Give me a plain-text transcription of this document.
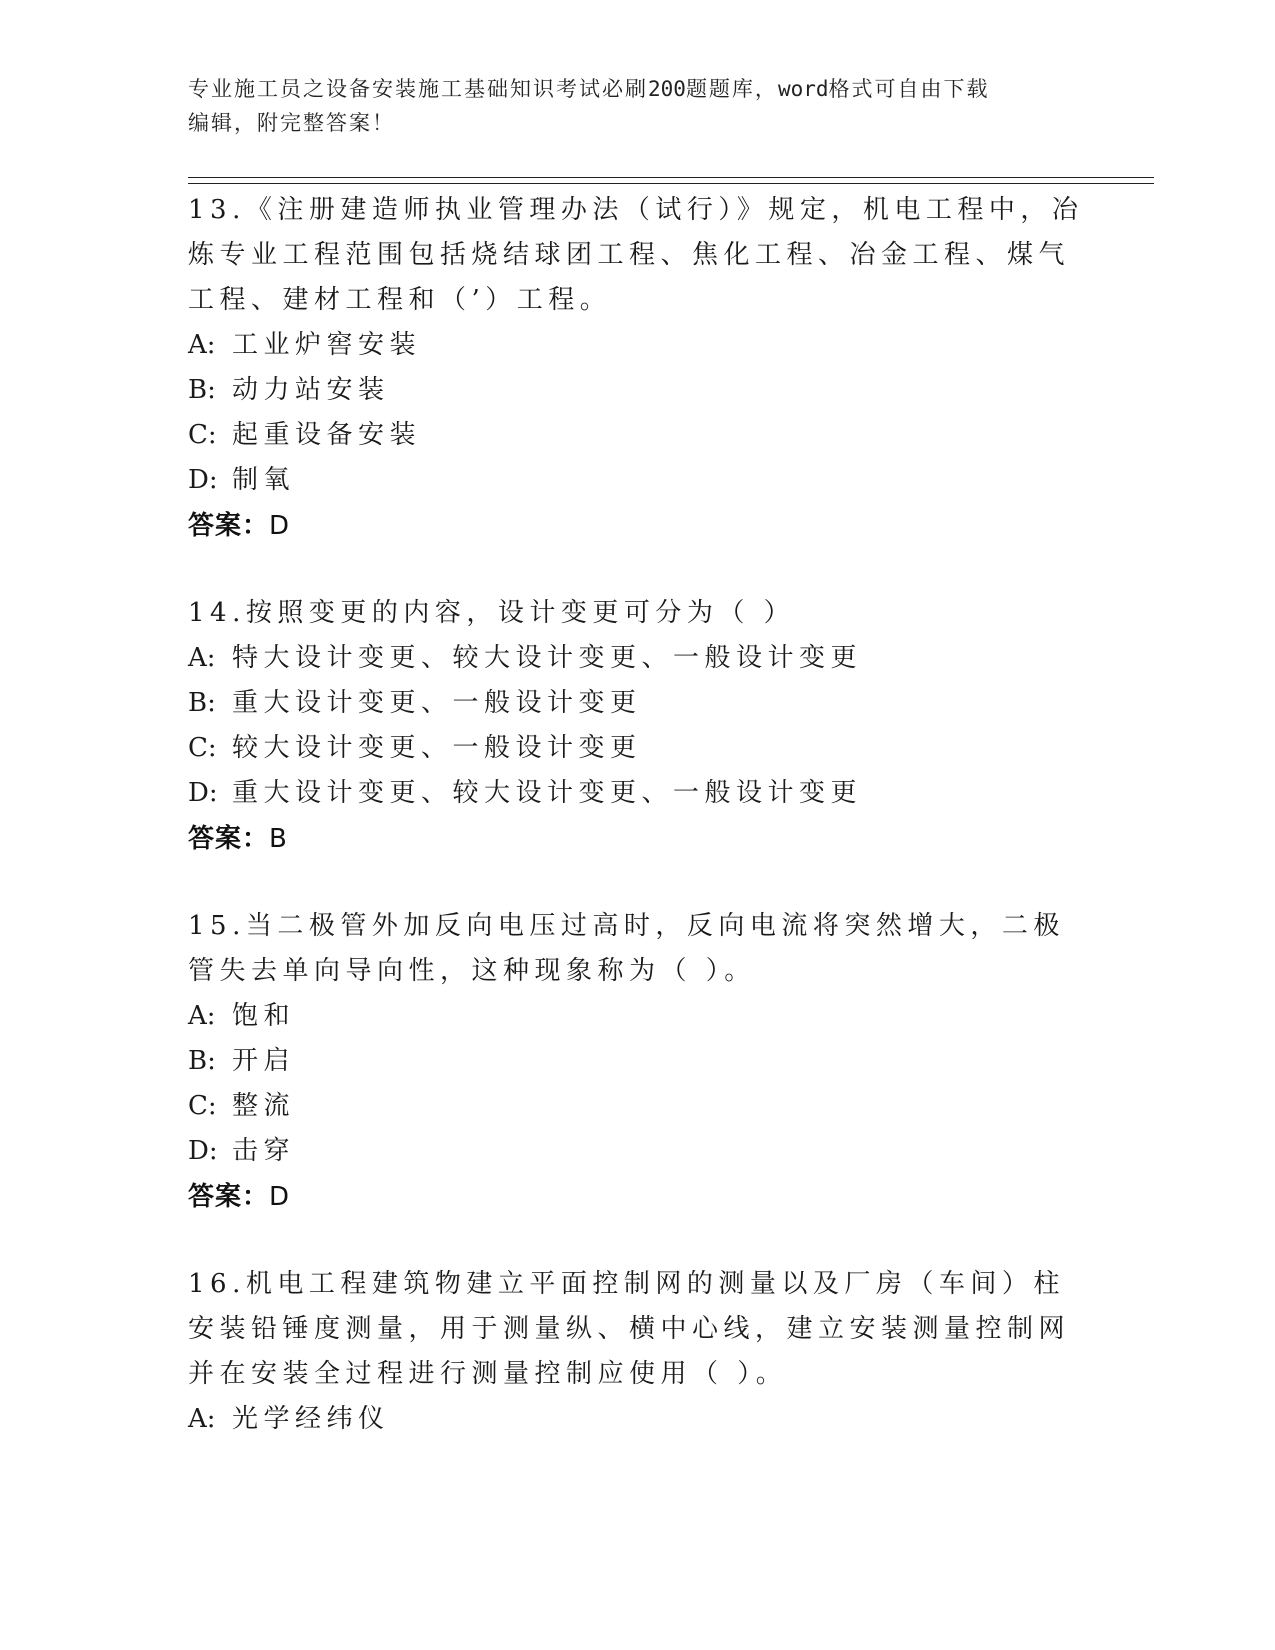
专业施工员之设备安装施工基础知识考试必刷200题题库，word格式可自由下载
编辑，附完整答案！
13.《注册建造师执业管理办法（试行）》规定，机电工程中，冶炼专业工程范围包括烧结球团工程、焦化工程、冶金工程、煤气工程、建材工程和（’）工程。
A: 工业炉窖安装
B: 动力站安装
C: 起重设备安装
D: 制氧
答案：D
14.按照变更的内容，设计变更可分为（ ）
A: 特大设计变更、较大设计变更、一般设计变更
B: 重大设计变更、一般设计变更
C: 较大设计变更、一般设计变更
D: 重大设计变更、较大设计变更、一般设计变更
答案：B
15.当二极管外加反向电压过高时，反向电流将突然增大，二极管失去单向导向性，这种现象称为（ ）。
A: 饱和
B: 开启
C: 整流
D: 击穿
答案：D
16.机电工程建筑物建立平面控制网的测量以及厂房（车间）柱安装铅锤度测量，用于测量纵、横中心线，建立安装测量控制网并在安装全过程进行测量控制应使用（ ）。
A: 光学经纬仪
